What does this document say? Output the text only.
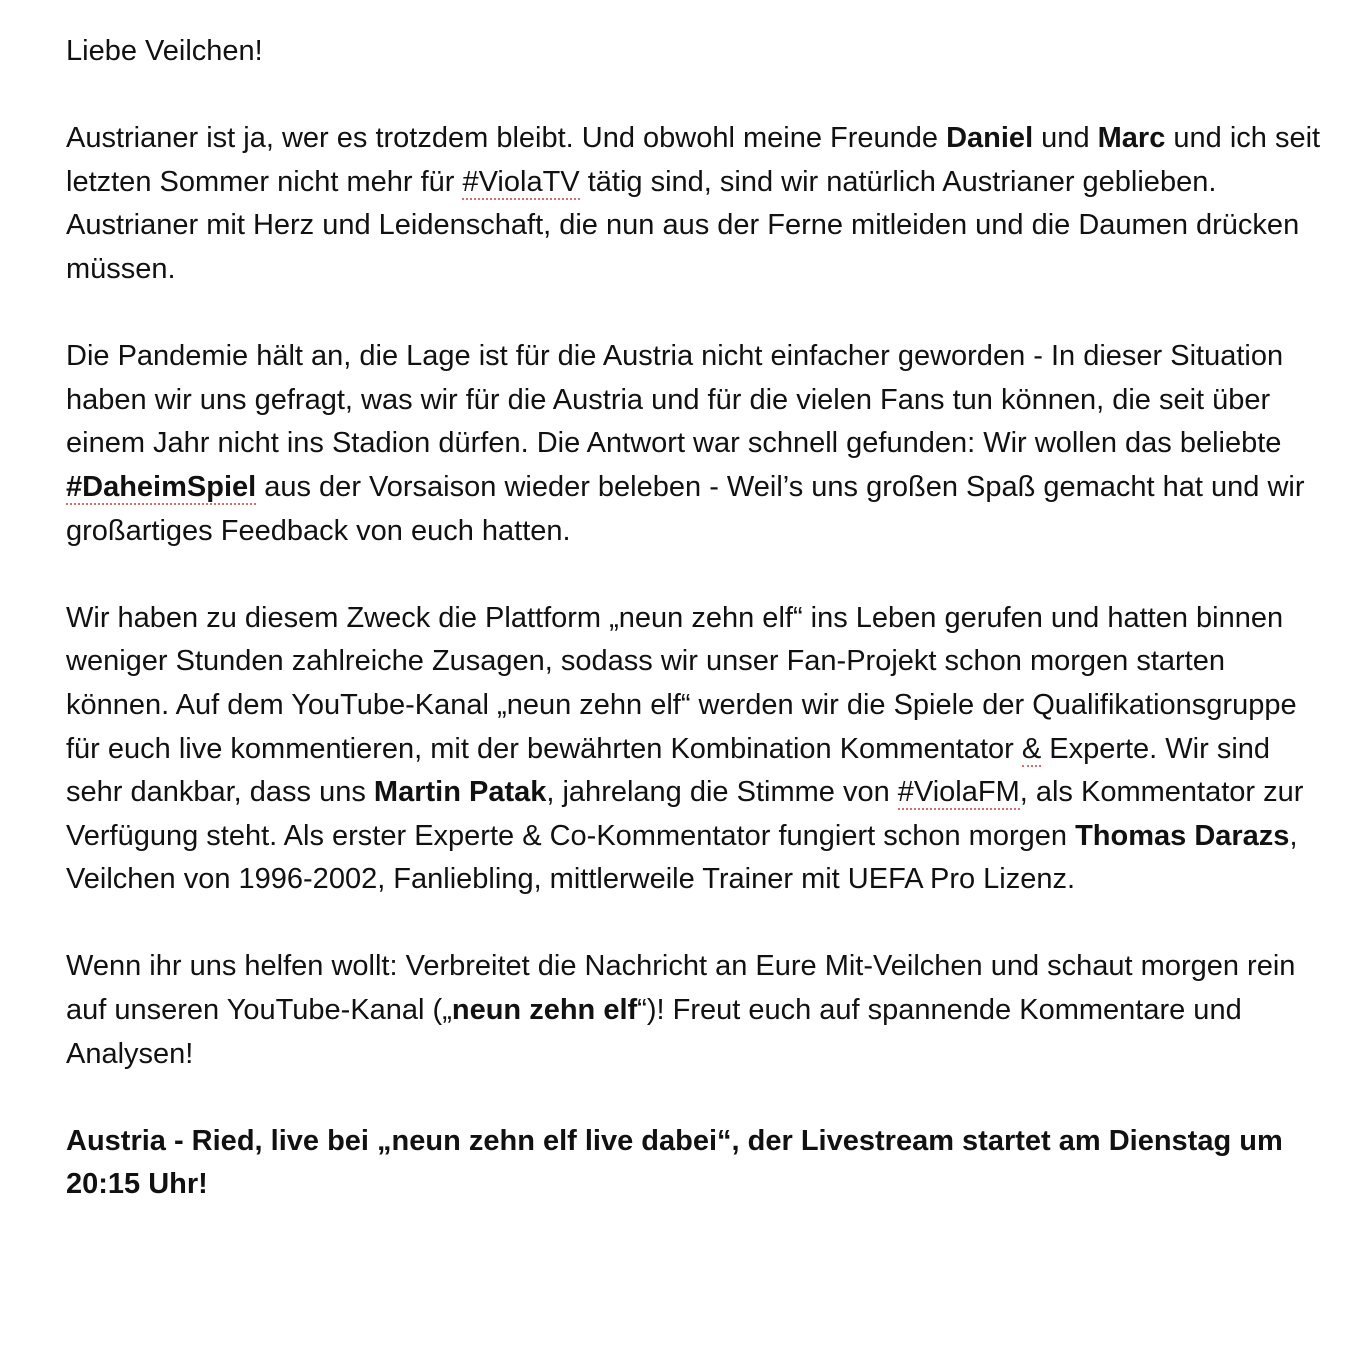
Liebe Veilchen!

Austrianer ist ja, wer es trotzdem bleibt. Und obwohl meine Freunde Daniel und Marc und ich seit letzten Sommer nicht mehr für #ViolaTV tätig sind, sind wir natürlich Austrianer geblieben. Austrianer mit Herz und Leidenschaft, die nun aus der Ferne mitleiden und die Daumen drücken müssen.

Die Pandemie hält an, die Lage ist für die Austria nicht einfacher geworden - In dieser Situation haben wir uns gefragt, was wir für die Austria und für die vielen Fans tun können, die seit über einem Jahr nicht ins Stadion dürfen. Die Antwort war schnell gefunden: Wir wollen das beliebte #DaheimSpiel aus der Vorsaison wieder beleben - Weil’s uns großen Spaß gemacht hat und wir großartiges Feedback von euch hatten.

Wir haben zu diesem Zweck die Plattform „neun zehn elf“ ins Leben gerufen und hatten binnen weniger Stunden zahlreiche Zusagen, sodass wir unser Fan-Projekt schon morgen starten können. Auf dem YouTube-Kanal „neun zehn elf“ werden wir die Spiele der Qualifikationsgruppe für euch live kommentieren, mit der bewährten Kombination Kommentator & Experte. Wir sind sehr dankbar, dass uns Martin Patak, jahrelang die Stimme von #ViolaFM, als Kommentator zur Verfügung steht. Als erster Experte & Co-Kommentator fungiert schon morgen Thomas Darazs, Veilchen von 1996-2002, Fanliebling, mittlerweile Trainer mit UEFA Pro Lizenz.

Wenn ihr uns helfen wollt: Verbreitet die Nachricht an Eure Mit-Veilchen und schaut morgen rein auf unseren YouTube-Kanal („neun zehn elf“)! Freut euch auf spannende Kommentare und Analysen!

Austria - Ried, live bei „neun zehn elf live dabei“, der Livestream startet am Dienstag um 20:15 Uhr!
